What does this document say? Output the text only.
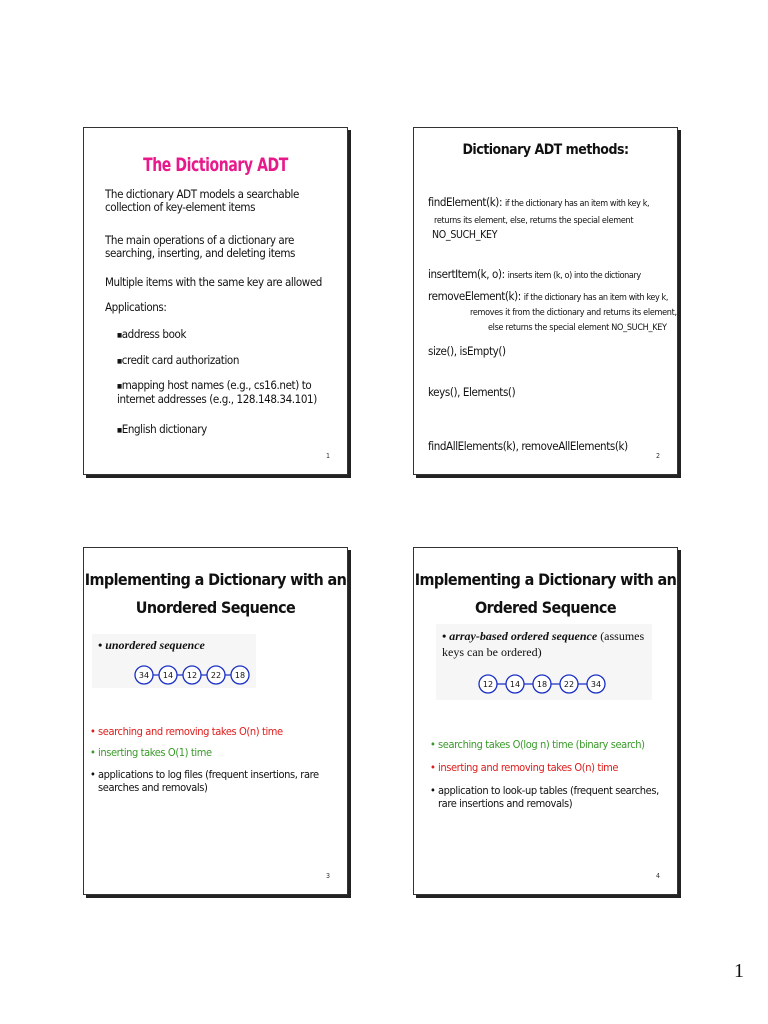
The Dictionary ADT
The dictionary ADT models a searchable collection of key-element items
The main operations of a dictionary are searching, inserting, and deleting items
Multiple items with the same key are allowed
Applications:
■address book
■credit card authorization
■mapping host names (e.g., cs16.net) to internet addresses (e.g., 128.148.34.101)
■English dictionary
1
Dictionary ADT methods:
findElement(k): if the dictionary has an item with key k,
returns its element, else, returns the special element
NO_SUCH_KEY
insertItem(k, o): inserts item (k, o) into the dictionary
removeElement(k): if the dictionary has an item with key k,
removes it from the dictionary and returns its element,
else returns the special element NO_SUCH_KEY
size(), isEmpty()
keys(), Elements()
findAllElements(k), removeAllElements(k)
2
Implementing a Dictionary with an
Unordered Sequence
• unordered sequence
34 14 12 22 18
• searching and removing takes O(n) time
• inserting takes O(1) time
• applications to log files (frequent insertions, rare searches and removals)
3
Implementing a Dictionary with an
Ordered Sequence
• array-based ordered sequence (assumes keys can be ordered)
12 14 18 22 34
• searching takes O(log n) time (binary search)
• inserting and removing takes O(n) time
• application to look-up tables (frequent searches, rare insertions and removals)
4
1
